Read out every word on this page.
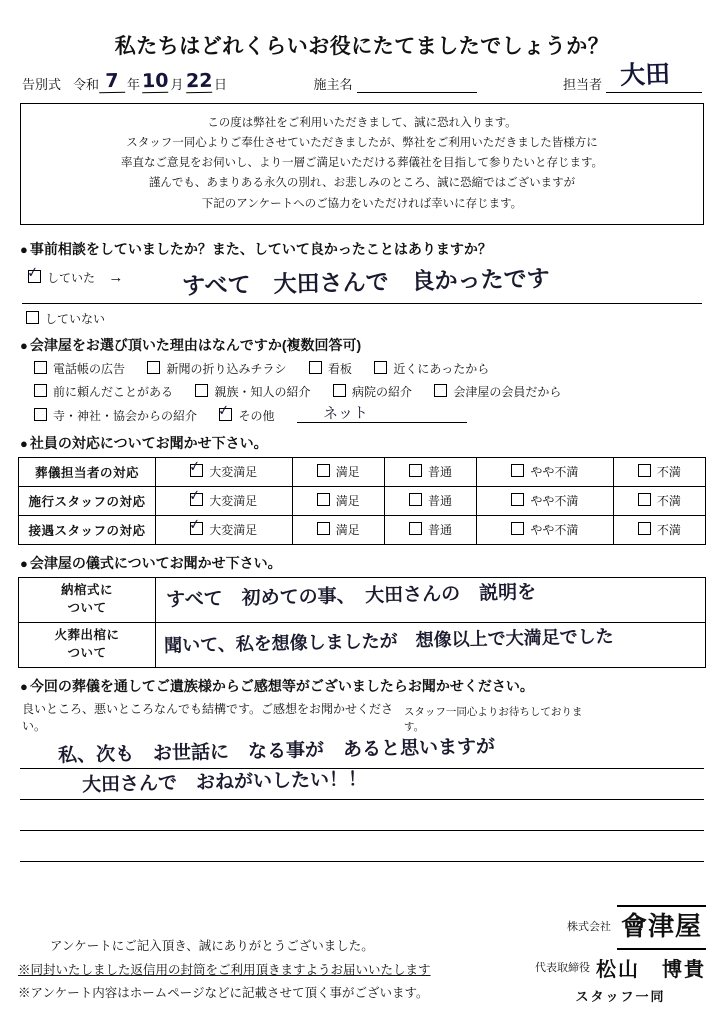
私たちはどれくらいお役にたてましたでしょうか？
告別式 令和 7 年 10 月 22 日	施主名	担当者 大田
この度は弊社をご利用いただきまして、誠に恐れ入ります。
スタッフ一同心よりご奉仕させていただきましたが、弊社をご利用いただきました皆様方に
率直なご意見をお伺いし、より一層ご満足いただける葬儀社を目指して参りたいと存じます。
謹んでも、あまりある永久の別れ、お悲しみのところ、誠に恐縮ではございますが
下記のアンケートへのご協力をいただければ幸いに存じます。
● 事前相談をしていましたか？また、していて良かったことはありますか？
✓ していた →	すべて　大田さんで　良かったです
していない
● 会津屋をお選び頂いた理由はなんですか(複数回答可)
電話帳の広告	新聞の折り込みチラシ	看板	近くにあったから
前に頼んだことがある	親族・知人の紹介	病院の紹介	会津屋の会員だから
寺・神社・協会からの紹介 ✓ その他	ネット
● 社員の対応についてお聞かせ下さい。
葬儀担当者の対応	✓ 大変満足	満足	普通	やや不満	不満
施行スタッフの対応	✓ 大変満足	満足	普通	やや不満	不満
接遇スタッフの対応	✓ 大変満足	満足	普通	やや不満	不満
● 会津屋の儀式についてお聞かせ下さい。
納棺式に
ついて	すべて　初めての事、　大田さんの　説明を

火葬出棺に
ついて	聞いて、私を想像しましたが　想像以上で大満足でした
● 今回の葬儀を通してご遺族様からご感想等がございましたらお聞かせください。
良いところ、悪いところなんでも結構です。ご感想をお聞かせください。
スタッフ一同心よりお待ちしております。
私、次も　お世話に　なる事が　あると思いますが
大田さんで　おねがいしたい！！
アンケートにご記入頂き、誠にありがとうございました。
※同封いたしました返信用の封筒をご利用頂きますようお届いいたします
※アンケート内容はホームページなどに記載させて頂く事がございます。
株式会社 會津屋
代表取締役 松山　博貴
スタッフ一同
